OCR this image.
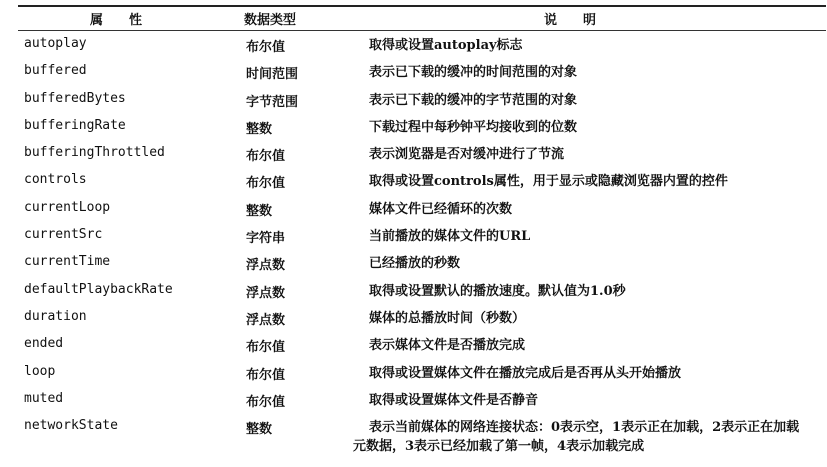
属　　性	数据类型	说　　明
autoplay	布尔值	取得或设置autoplay标志
buffered	时间范围	表示已下载的缓冲的时间范围的对象
bufferedBytes	字节范围	表示已下载的缓冲的字节范围的对象
bufferingRate	整数	下载过程中每秒钟平均接收到的位数
bufferingThrottled	布尔值	表示浏览器是否对缓冲进行了节流
controls	布尔值	取得或设置controls属性，用于显示或隐藏浏览器内置的控件
currentLoop	整数	媒体文件已经循环的次数
currentSrc	字符串	当前播放的媒体文件的URL
currentTime	浮点数	已经播放的秒数
defaultPlaybackRate	浮点数	取得或设置默认的播放速度。默认值为1.0秒
duration	浮点数	媒体的总播放时间（秒数）
ended	布尔值	表示媒体文件是否播放完成
loop	布尔值	取得或设置媒体文件在播放完成后是否再从头开始播放
muted	布尔值	取得或设置媒体文件是否静音
networkState	整数	表示当前媒体的网络连接状态：0表示空，1表示正在加载，2表示正在加载元数据，3表示已经加载了第一帧，4表示加载完成
